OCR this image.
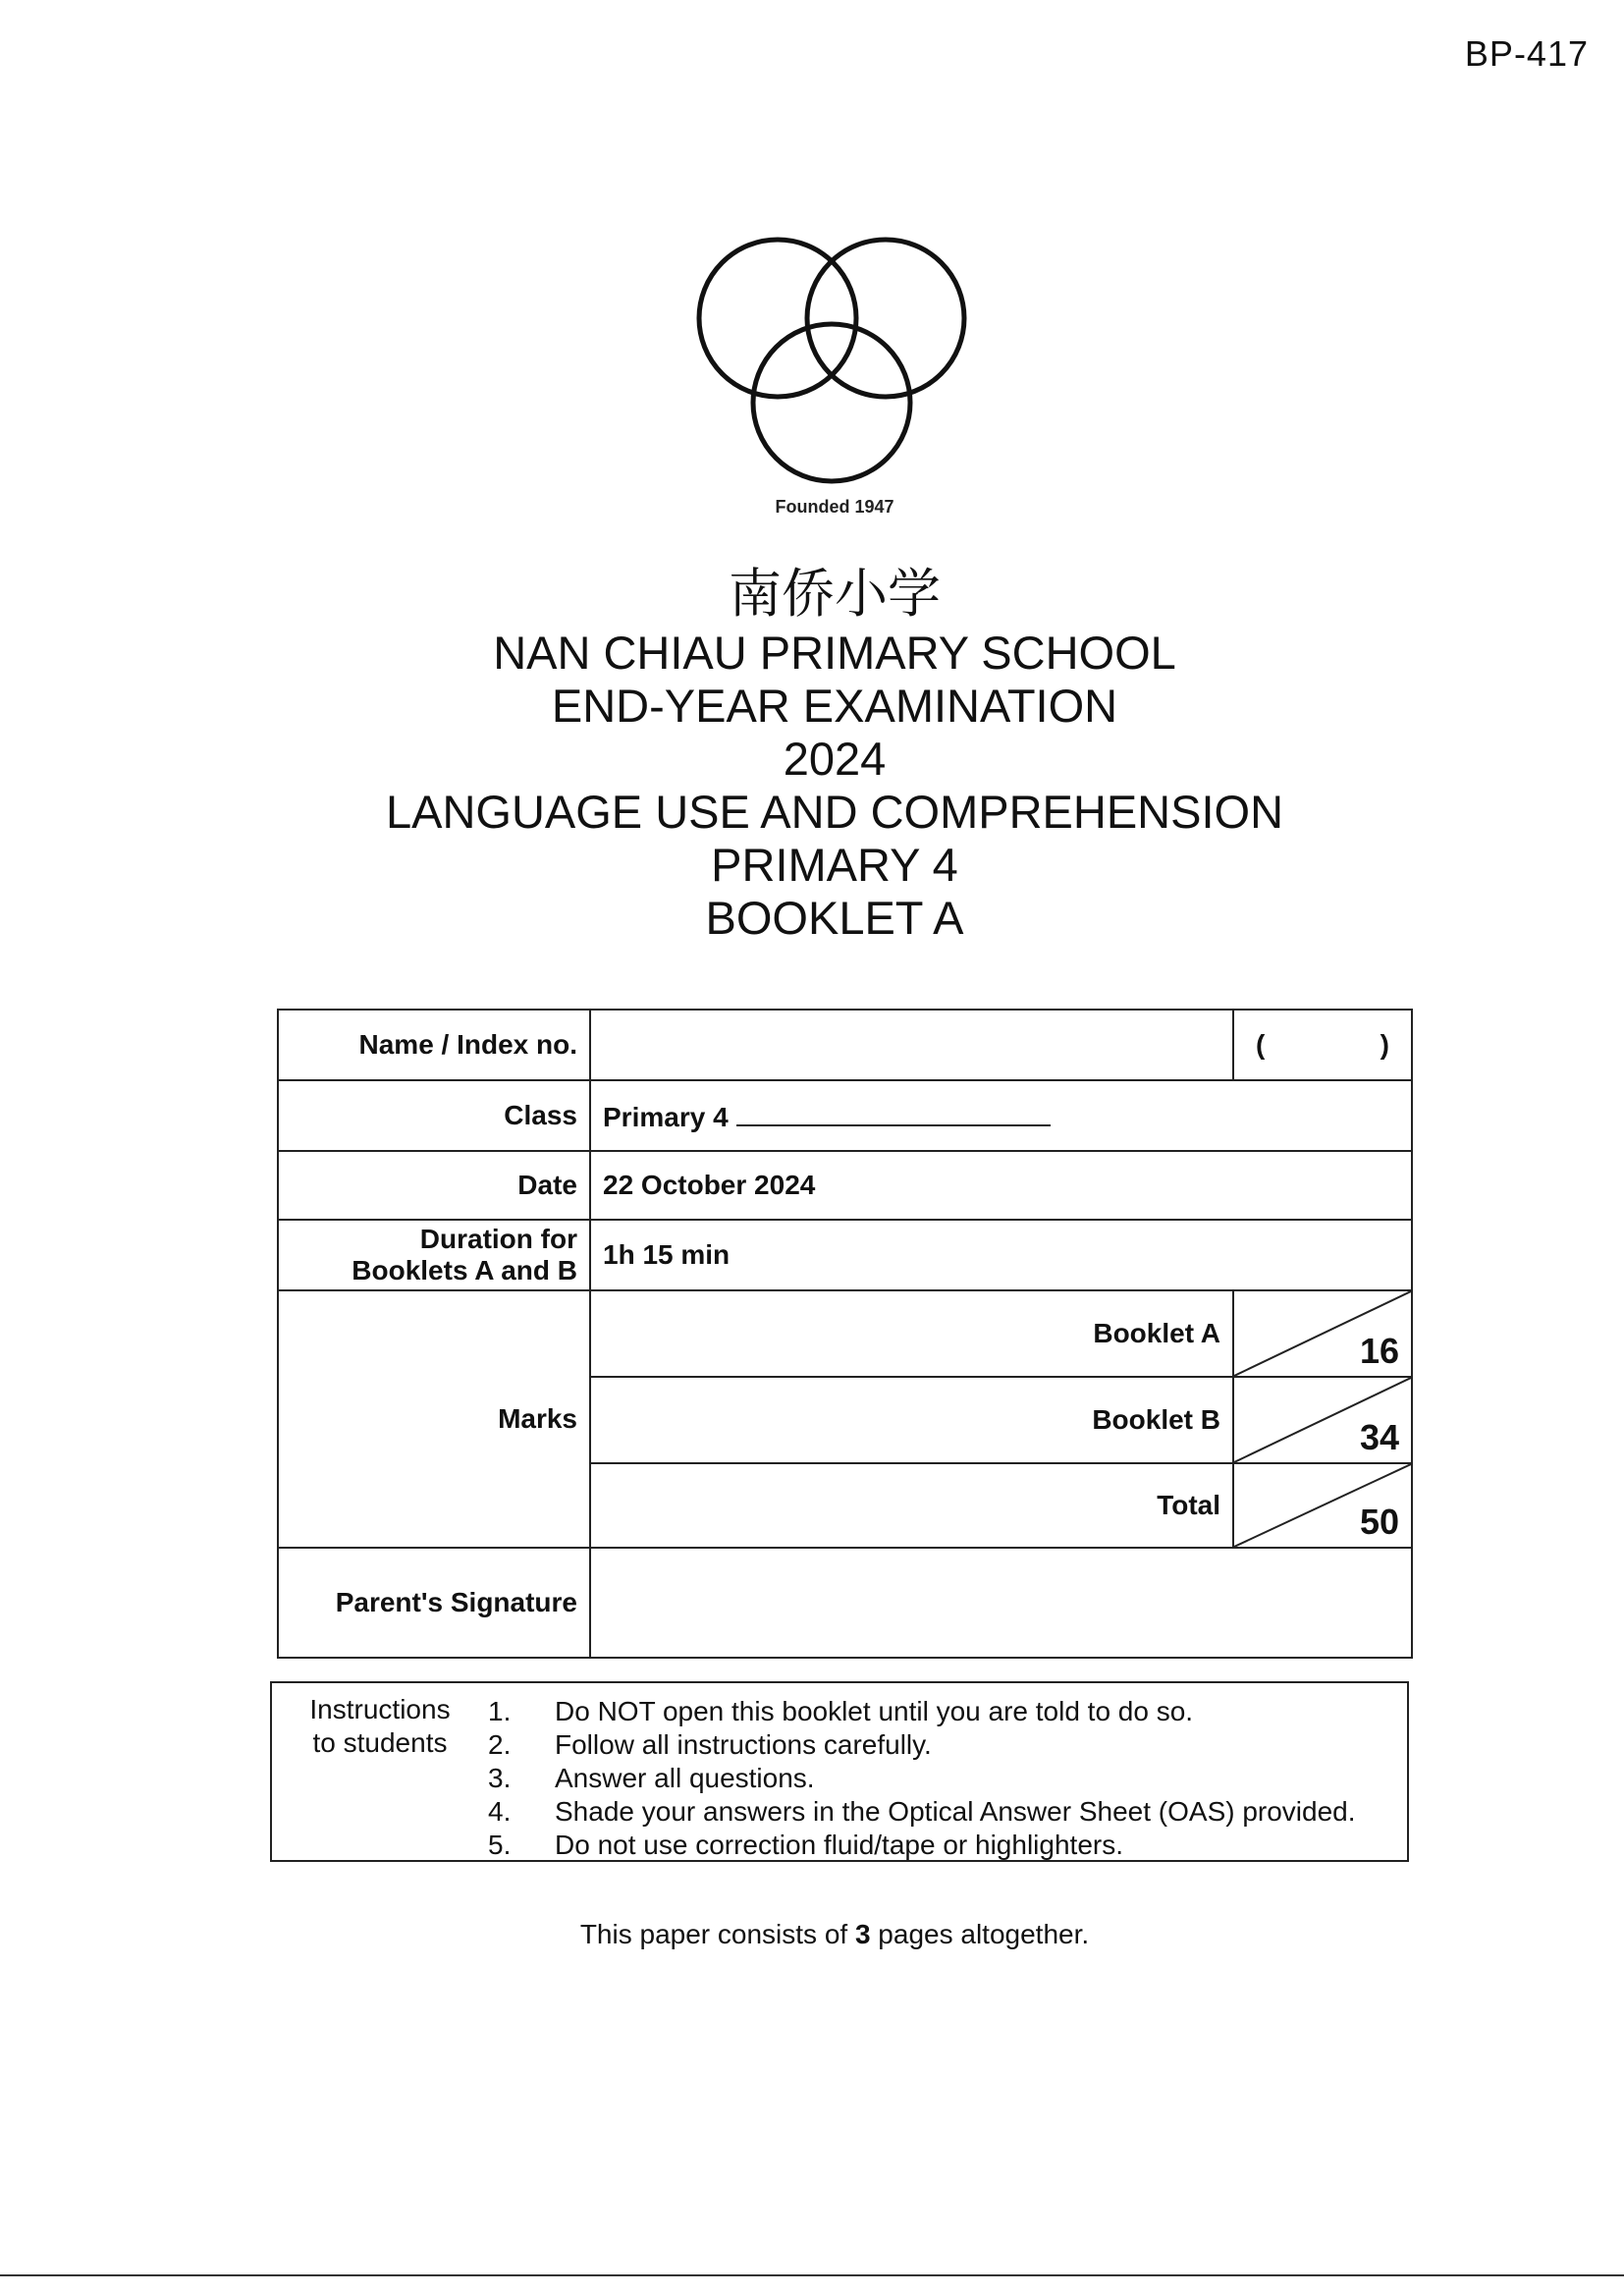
BP-417
Founded 1947
南侨小学
NAN CHIAU PRIMARY SCHOOL
END-YEAR EXAMINATION
2024
LANGUAGE USE AND COMPREHENSION
PRIMARY 4
BOOKLET A
Name / Index no.		( )

Class	Primary 4	
Date	22 October 2024	

Duration for
Booklets A and B	1h 15 min	
Marks	Booklet A	16

	Booklet B	34

	Total	50

Parent's Signature		
Instructions
to students
1.	Do NOT open this booklet until you are told to do so.
2.	Follow all instructions carefully.
3.	Answer all questions.
4.	Shade your answers in the Optical Answer Sheet (OAS) provided.
5.	Do not use correction fluid/tape or highlighters.
This paper consists of 3 pages altogether.
